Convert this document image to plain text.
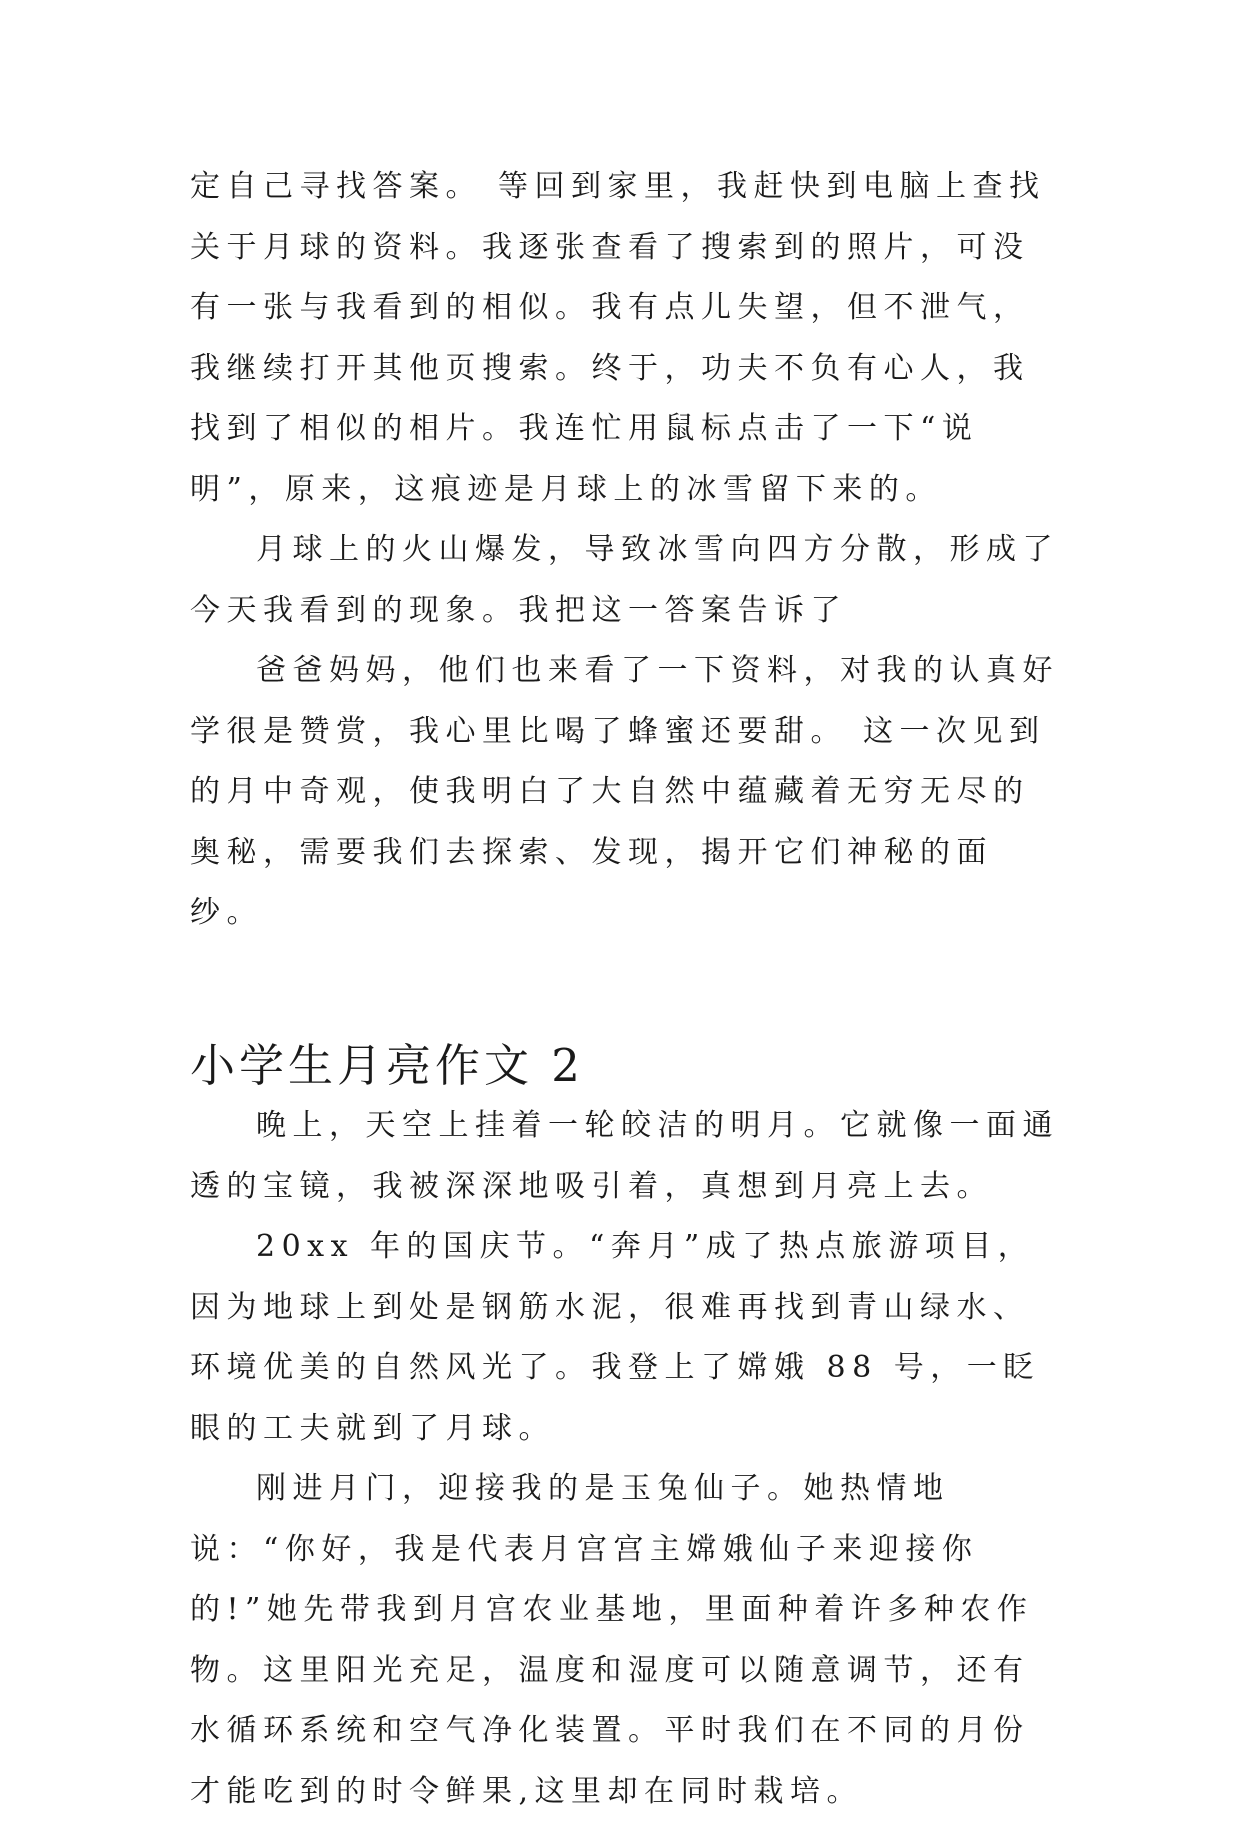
定自己寻找答案。 等回到家里，我赶快到电脑上查找关于月球的资料。我逐张查看了搜索到的照片，可没有一张与我看到的相似。我有点儿失望，但不泄气，我继续打开其他页搜索。终于，功夫不负有心人，我找到了相似的相片。我连忙用鼠标点击了一下“说明”，原来，这痕迹是月球上的冰雪留下来的。

月球上的火山爆发，导致冰雪向四方分散，形成了今天我看到的现象。我把这一答案告诉了

爸爸妈妈，他们也来看了一下资料，对我的认真好学很是赞赏，我心里比喝了蜂蜜还要甜。 这一次见到的月中奇观，使我明白了大自然中蕴藏着无穷无尽的奥秘，需要我们去探索、发现，揭开它们神秘的面纱。

小学生月亮作文 2

晚上，天空上挂着一轮皎洁的明月。它就像一面通透的宝镜，我被深深地吸引着，真想到月亮上去。

20xx 年的国庆节。“奔月”成了热点旅游项目，因为地球上到处是钢筋水泥，很难再找到青山绿水、环境优美的自然风光了。我登上了嫦娥 88 号，一眨眼的工夫就到了月球。

刚进月门，迎接我的是玉兔仙子。她热情地说：“你好，我是代表月宫宫主嫦娥仙子来迎接你的!”她先带我到月宫农业基地，里面种着许多种农作物。这里阳光充足，温度和湿度可以随意调节，还有水循环系统和空气净化装置。平时我们在不同的月份才能吃到的时令鲜果,这里却在同时栽培。
